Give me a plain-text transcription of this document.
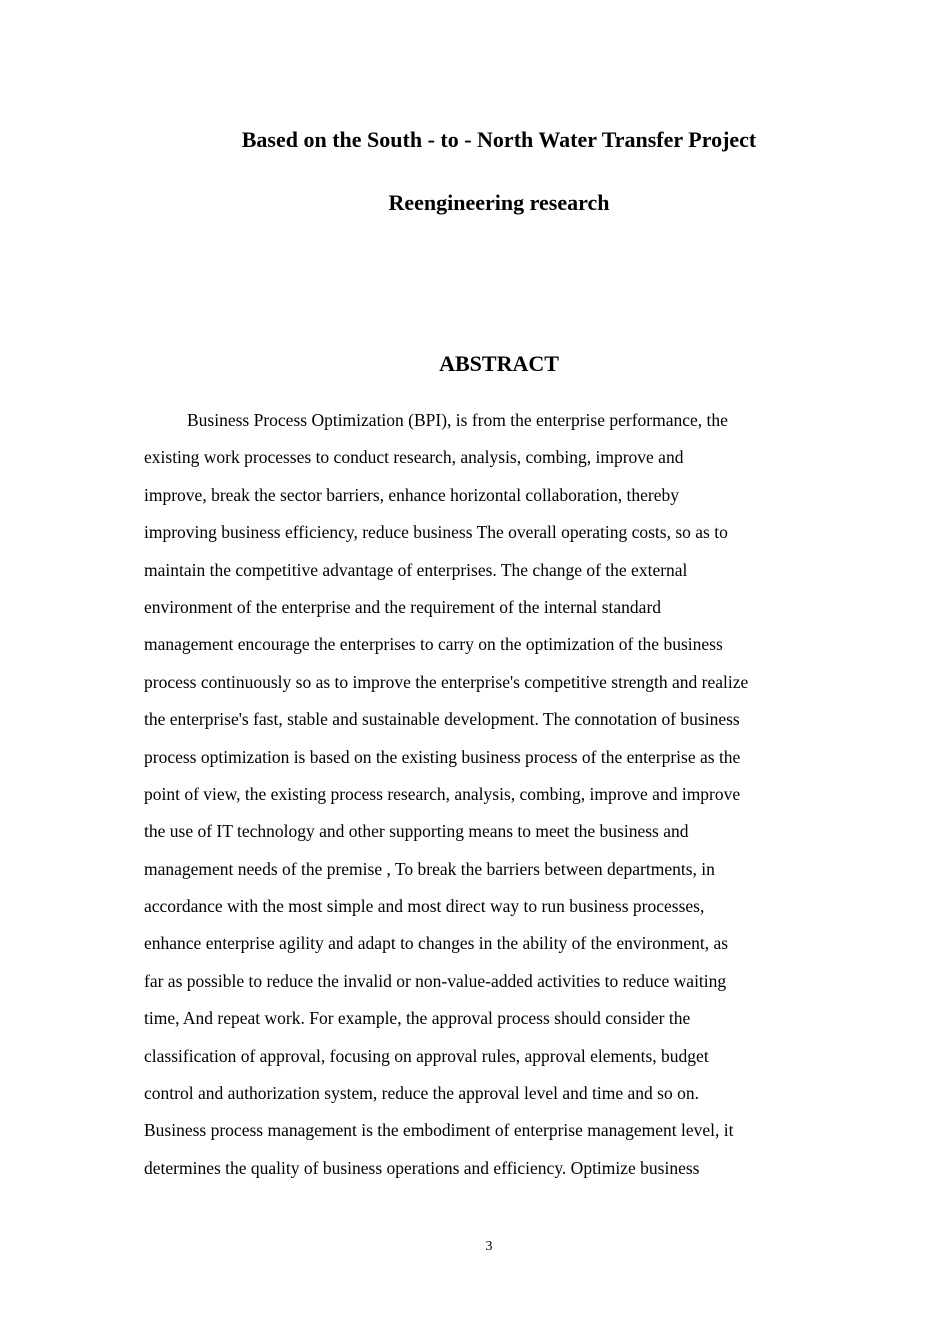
Based on the South - to - North Water Transfer Project
Reengineering research
ABSTRACT
Business Process Optimization (BPI), is from the enterprise performance, the
existing work processes to conduct research, analysis, combing, improve and
improve, break the sector barriers, enhance horizontal collaboration, thereby
improving business efficiency, reduce business The overall operating costs, so as to
maintain the competitive advantage of enterprises. The change of the external
environment of the enterprise and the requirement of the internal standard
management encourage the enterprises to carry on the optimization of the business
process continuously so as to improve the enterprise's competitive strength and realize
the enterprise's fast, stable and sustainable development. The connotation of business
process optimization is based on the existing business process of the enterprise as the
point of view, the existing process research, analysis, combing, improve and improve
the use of IT technology and other supporting means to meet the business and
management needs of the premise , To break the barriers between departments, in
accordance with the most simple and most direct way to run business processes,
enhance enterprise agility and adapt to changes in the ability of the environment, as
far as possible to reduce the invalid or non-value-added activities to reduce waiting
time, And repeat work. For example, the approval process should consider the
classification of approval, focusing on approval rules, approval elements, budget
control and authorization system, reduce the approval level and time and so on.
Business process management is the embodiment of enterprise management level, it
determines the quality of business operations and efficiency. Optimize business
3
